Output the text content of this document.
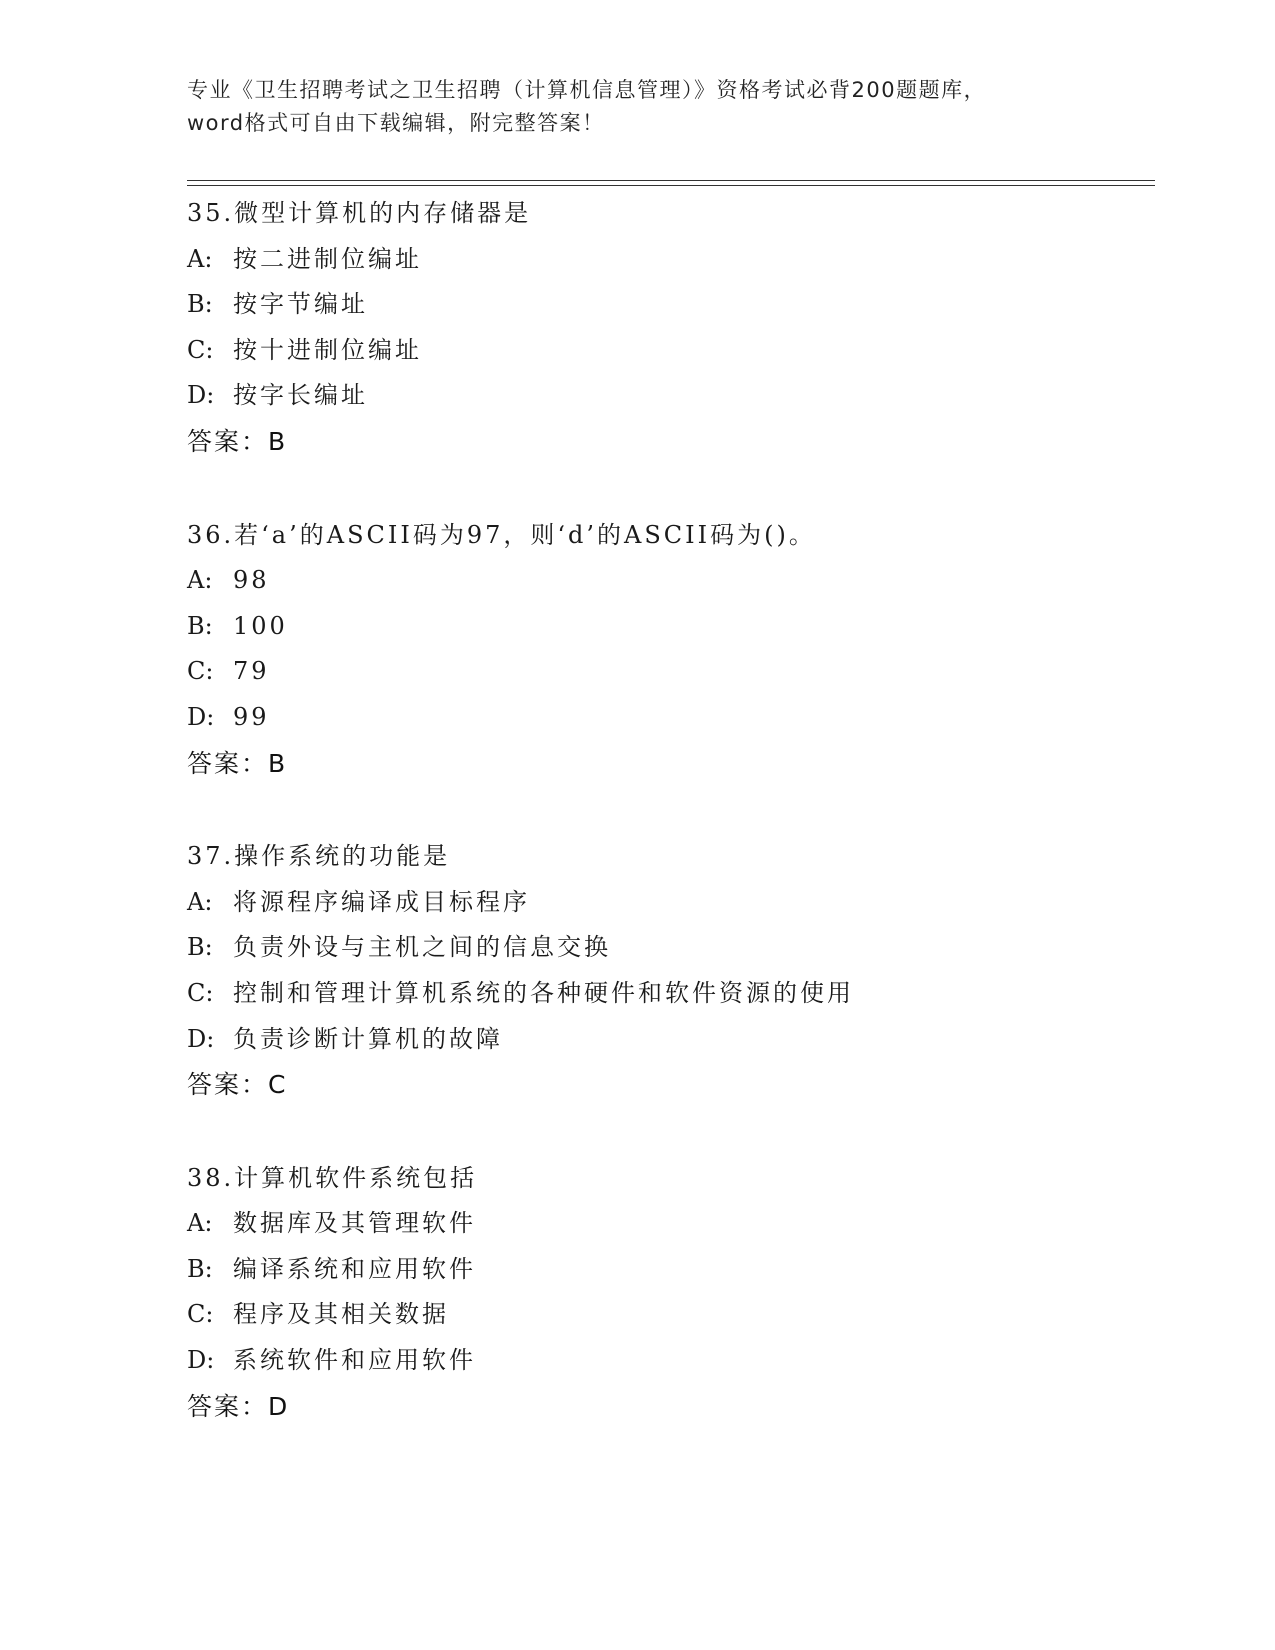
专业《卫生招聘考试之卫生招聘（计算机信息管理）》资格考试必背200题题库，

word格式可自由下载编辑，附完整答案！

35.微型计算机的内存储器是
A: 按二进制位编址
B: 按字节编址
C: 按十进制位编址
D: 按字长编址
答案：B
36.若‘a’的ASCII码为97，则‘d’的ASCII码为()。
A: 98
B: 100
C: 79
D: 99
答案：B
37.操作系统的功能是
A: 将源程序编译成目标程序
B: 负责外设与主机之间的信息交换
C: 控制和管理计算机系统的各种硬件和软件资源的使用
D: 负责诊断计算机的故障
答案：C
38.计算机软件系统包括
A: 数据库及其管理软件
B: 编译系统和应用软件
C: 程序及其相关数据
D: 系统软件和应用软件
答案：D
